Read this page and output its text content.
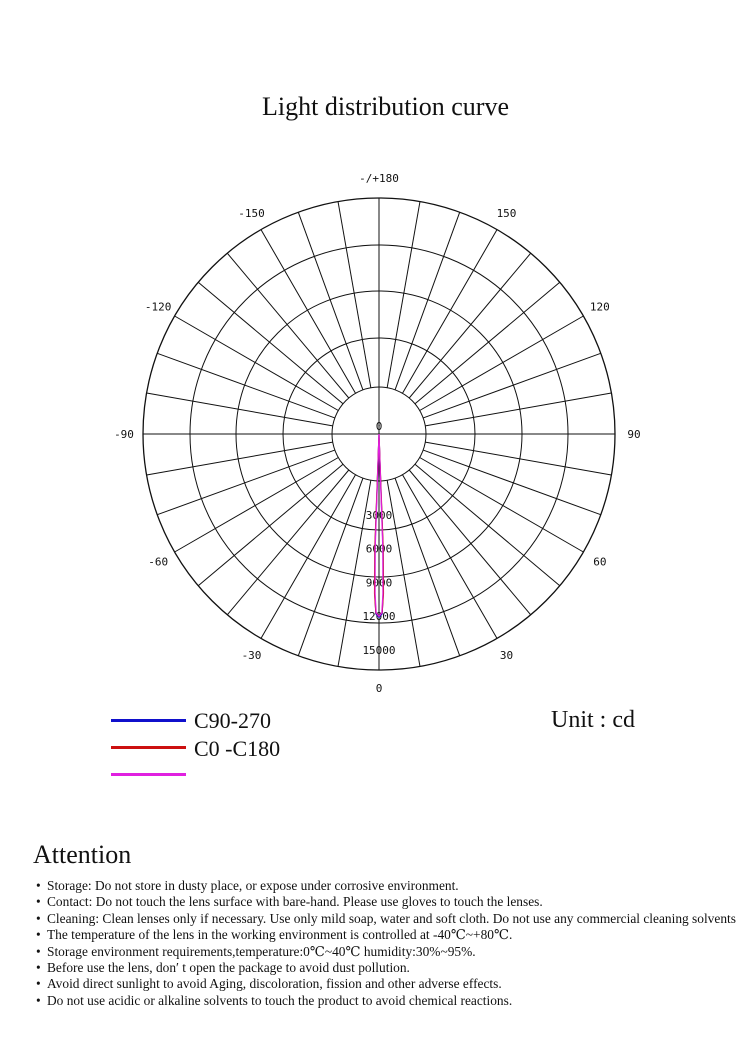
Light distribution curve
-/+180
150
120
90
60
30
0
-30
-60
-90
-120
-150
0
3000
6000
9000
12000
15000
C90-270
C0 -C180
Unit : cd
Attention
• Storage: Do not store in dusty place, or expose under corrosive environment.
• Contact: Do not touch the lens surface with bare-hand. Please use gloves to touch the lenses.
• Cleaning: Clean lenses only if necessary. Use only mild soap, water and soft cloth. Do not use any commercial cleaning solvents
• The temperature of the lens in the working environment is controlled at -40℃~+80℃.
• Storage environment requirements,temperature:0℃~40℃ humidity:30%~95%.
• Before use the lens, don′ t open the package to avoid dust pollution.
• Avoid direct sunlight to avoid Aging, discoloration, fission and other adverse effects.
• Do not use acidic or alkaline solvents to touch the product to avoid chemical reactions.
